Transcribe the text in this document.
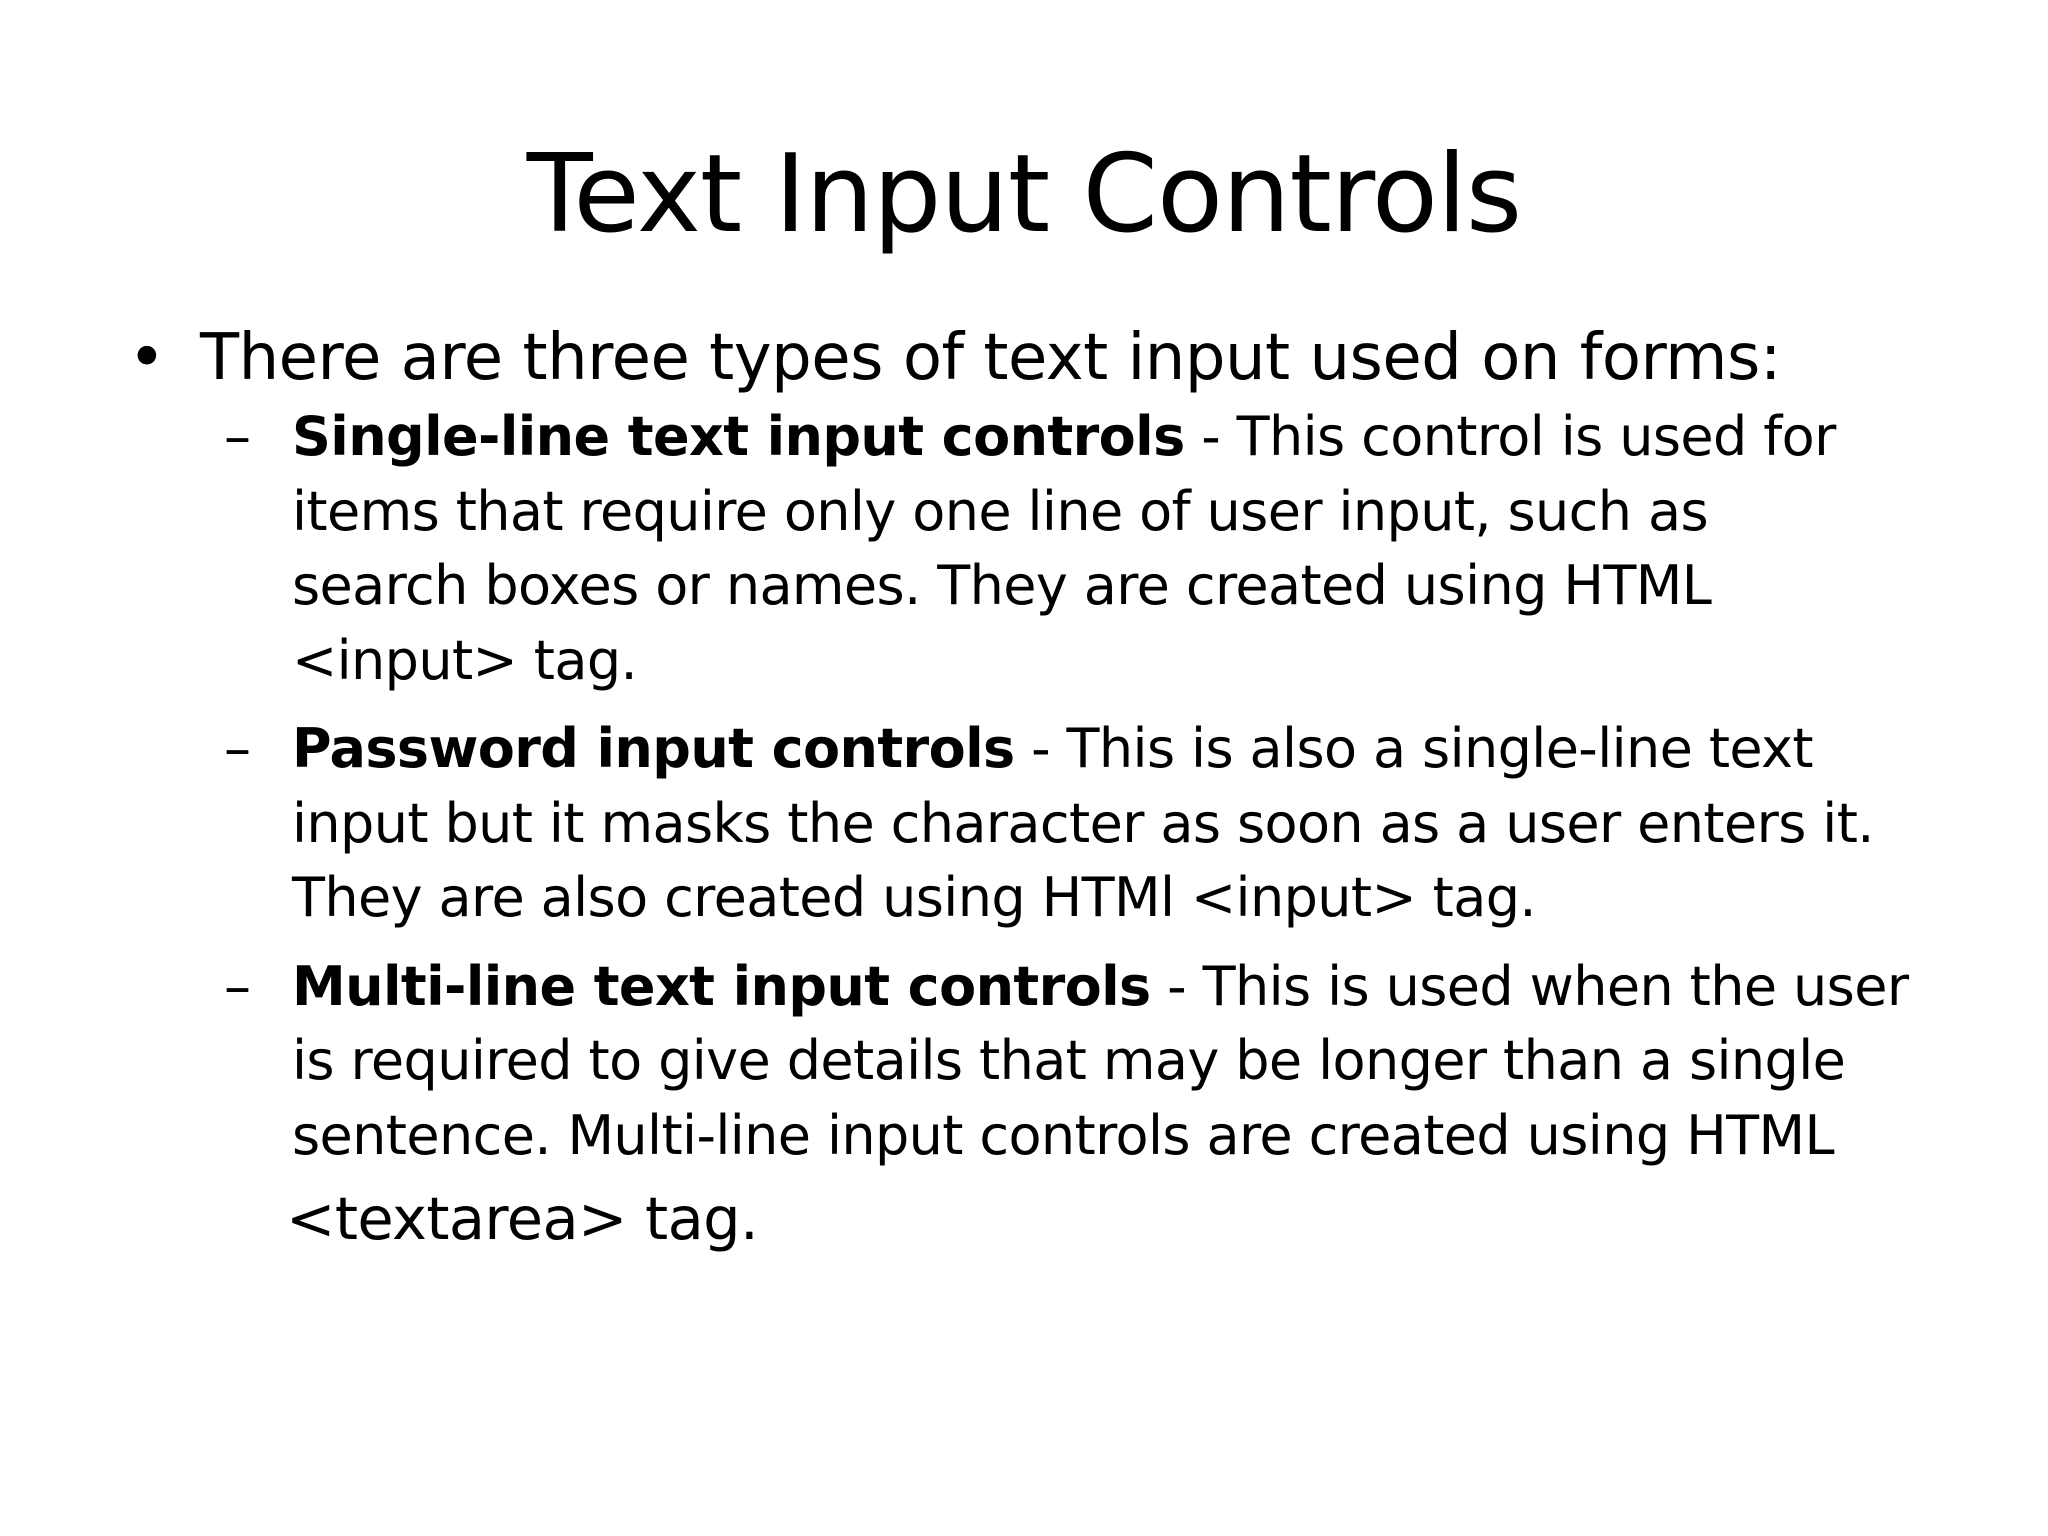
Text Input Controls
• There are three types of text input used on forms:
– Single-line text input controls - This control is used for
items that require only one line of user input, such as
search boxes or names. They are created using HTML
<input> tag.
– Password input controls - This is also a single-line text
input but it masks the character as soon as a user enters it.
They are also created using HTMl <input> tag.
– Multi-line text input controls - This is used when the user
is required to give details that may be longer than a single
sentence. Multi-line input controls are created using HTML
<textarea> tag.
